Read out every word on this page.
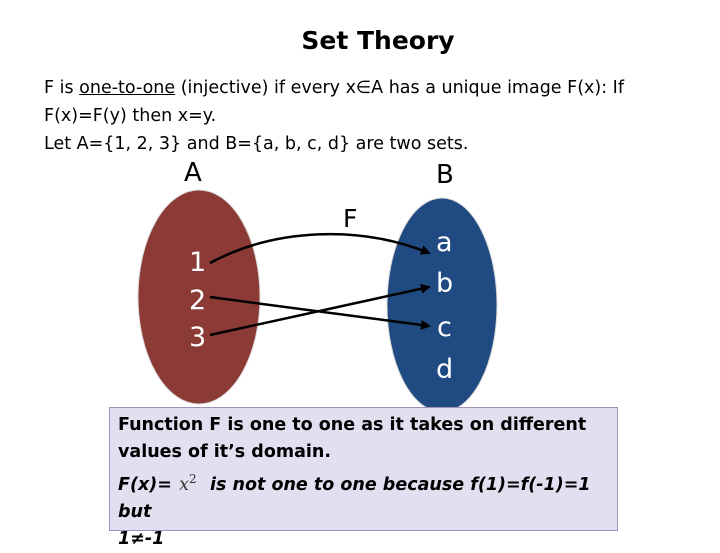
Set Theory
F is one-to-one (injective) if every x∈A has a unique image F(x): If
F(x)=F(y) then x=y.
Let A={1, 2, 3} and B={a, b, c, d} are two sets.
A	B
F
1
2
3
a
b
c
d
Function F is one to one as it takes on different
values of it’s domain.
$F(x)= x^2$ is not one to one because f(1)=f(-1)=1 but
1≠-1
